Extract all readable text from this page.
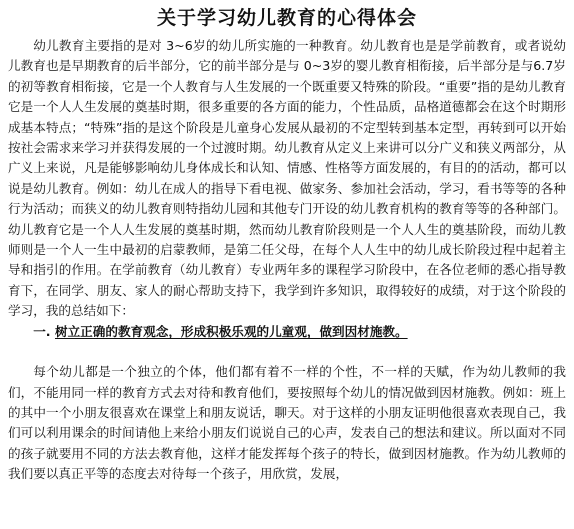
关于学习幼儿教育的心得体会

幼儿教育主要指的是对 3~6岁的幼儿所实施的一种教育。幼儿教育也是是学前教育，或者说幼儿教育也是早期教育的后半部分，它的前半部分是与 0~3岁的婴儿教育相衔接，后半部分是与6.7岁的初等教育相衔接，它是一个人教育与人生发展的一个既重要又特殊的阶段。“重要”指的是幼儿教育它是一个人人生发展的奠基时期，很多重要的各方面的能力，个性品质，品格道德都会在这个时期形成基本特点；“特殊”指的是这个阶段是儿童身心发展从最初的不定型转到基本定型，再转到可以开始按社会需求来学习并获得发展的一个过渡时期。幼儿教育从定义上来讲可以分广义和狭义两部分，从广义上来说，凡是能够影响幼儿身体成长和认知、情感、性格等方面发展的，有目的的活动，都可以说是幼儿教育。例如：幼儿在成人的指导下看电视、做家务、参加社会活动，学习，看书等等的各种行为活动；而狭义的幼儿教育则特指幼儿园和其他专门开设的幼儿教育机构的教育等等的各种部门。幼儿教育它是一个人人生发展的奠基时期，然而幼儿教育阶段则是一个人人生的奠基阶段，而幼儿教师则是一个人一生中最初的启蒙教师，是第二任父母，在每个人人生中的幼儿成长阶段过程中起着主导和指引的作用。在学前教育（幼儿教育）专业两年多的课程学习阶段中，在各位老师的悉心指导教育下，在同学、朋友、家人的耐心帮助支持下，我学到许多知识，取得较好的成绩，对于这个阶段的学习，我的总结如下：

一. 树立正确的教育观念，形成积极乐观的儿童观，做到因材施教。

每个幼儿都是一个独立的个体，他们都有着不一样的个性，不一样的天赋，作为幼儿教师的我们，不能用同一样的教育方式去对待和教育他们，要按照每个幼儿的情况做到因材施教。例如：班上的其中一个小朋友很喜欢在课堂上和朋友说话，聊天。对于这样的小朋友证明他很喜欢表现自己，我们可以利用课余的时间请他上来给小朋友们说说自己的心声，发表自己的想法和建议。所以面对不同的孩子就要用不同的方法去教育他，这样才能发挥每个孩子的特长，做到因材施教。作为幼儿教师的我们要以真正平等的态度去对待每一个孩子，用欣赏，发展，
